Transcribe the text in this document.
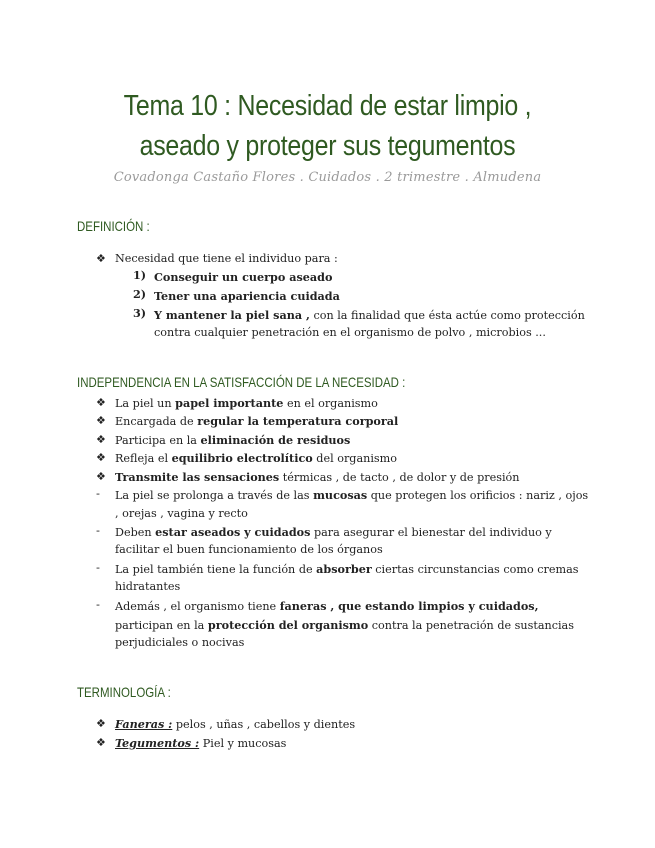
Tema 10 : Necesidad de estar limpio ,
aseado y proteger sus tegumentos
Covadonga Castaño Flores . Cuidados . 2 trimestre . Almudena
DEFINICIÓN :
❖ Necesidad que tiene el individuo para :
1) Conseguir un cuerpo aseado
2) Tener una apariencia cuidada
3) Y mantener la piel sana , con la finalidad que ésta actúe como protección
contra cualquier penetración en el organismo de polvo , microbios ...
INDEPENDENCIA EN LA SATISFACCIÓN DE LA NECESIDAD :
❖ La piel un papel importante en el organismo
❖ Encargada de regular la temperatura corporal
❖ Participa en la eliminación de residuos
❖ Refleja el equilibrio electrolítico del organismo
❖ Transmite las sensaciones térmicas , de tacto , de dolor y de presión
- La piel se prolonga a través de las mucosas que protegen los orificios : nariz , ojos
, orejas , vagina y recto
- Deben estar aseados y cuidados para asegurar el bienestar del individuo y
facilitar el buen funcionamiento de los órganos
- La piel también tiene la función de absorber ciertas circunstancias como cremas
hidratantes
- Además , el organismo tiene faneras , que estando limpios y cuidados,
participan en la protección del organismo contra la penetración de sustancias
perjudiciales o nocivas
TERMINOLOGÍA :
❖ Faneras : pelos , uñas , cabellos y dientes
❖ Tegumentos : Piel y mucosas
